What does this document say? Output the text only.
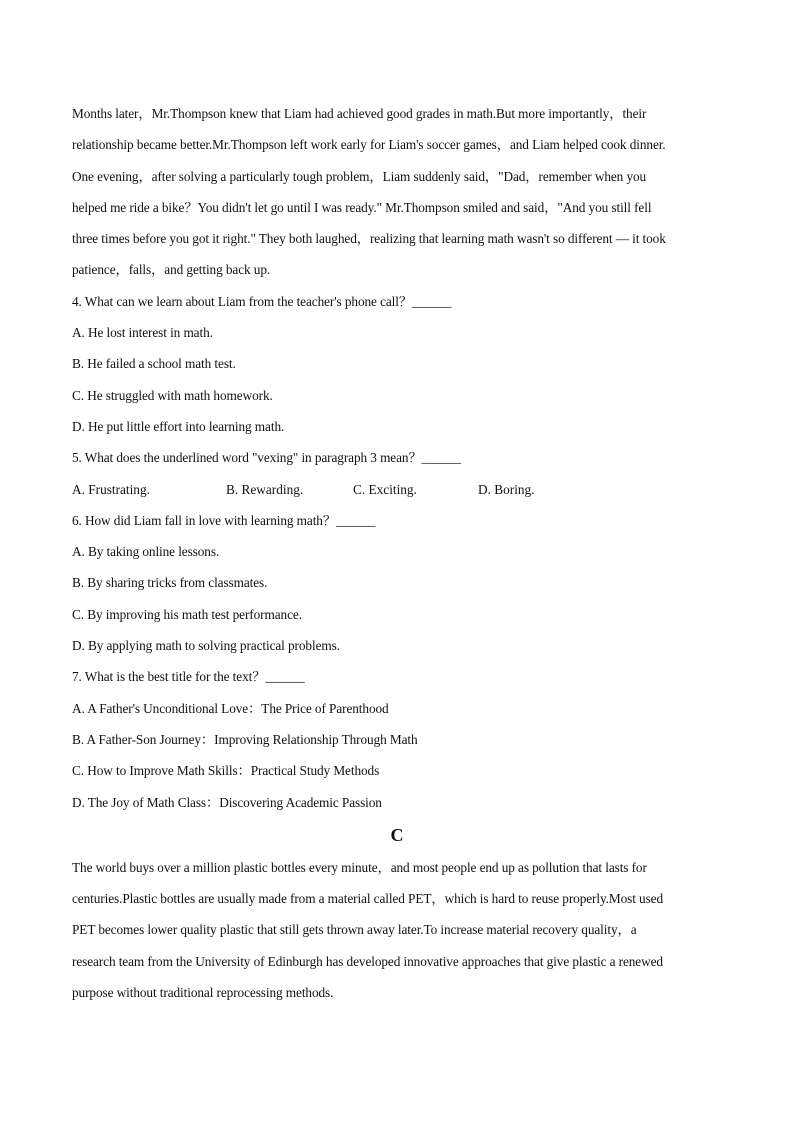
Months later，Mr.Thompson knew that Liam had achieved good grades in math.But more importantly，their
relationship became better.Mr.Thompson left work early for Liam's soccer games，and Liam helped cook dinner.
One evening，after solving a particularly tough problem，Liam suddenly said，"Dad，remember when you
helped me ride a bike？You didn't let go until I was ready." Mr.Thompson smiled and said，"And you still fell
three times before you got it right." They both laughed，realizing that learning math wasn't so different — it took
patience，falls，and getting back up.
4. What can we learn about Liam from the teacher's phone call？______
A. He lost interest in math.
B. He failed a school math test.
C. He struggled with math homework.
D. He put little effort into learning math.
5. What does the underlined word "vexing" in paragraph 3 mean？______
A. Frustrating.	B. Rewarding.	C. Exciting.	D. Boring.
6. How did Liam fall in love with learning math？______
A. By taking online lessons.
B. By sharing tricks from classmates.
C. By improving his math test performance.
D. By applying math to solving practical problems.
7. What is the best title for the text？______
A. A Father's Unconditional Love：The Price of Parenthood
B. A Father-Son Journey：Improving Relationship Through Math
C. How to Improve Math Skills：Practical Study Methods
D. The Joy of Math Class：Discovering Academic Passion
C
The world buys over a million plastic bottles every minute，and most people end up as pollution that lasts for
centuries.Plastic bottles are usually made from a material called PET，which is hard to reuse properly.Most used
PET becomes lower quality plastic that still gets thrown away later.To increase material recovery quality，a
research team from the University of Edinburgh has developed innovative approaches that give plastic a renewed
purpose without traditional reprocessing methods.
